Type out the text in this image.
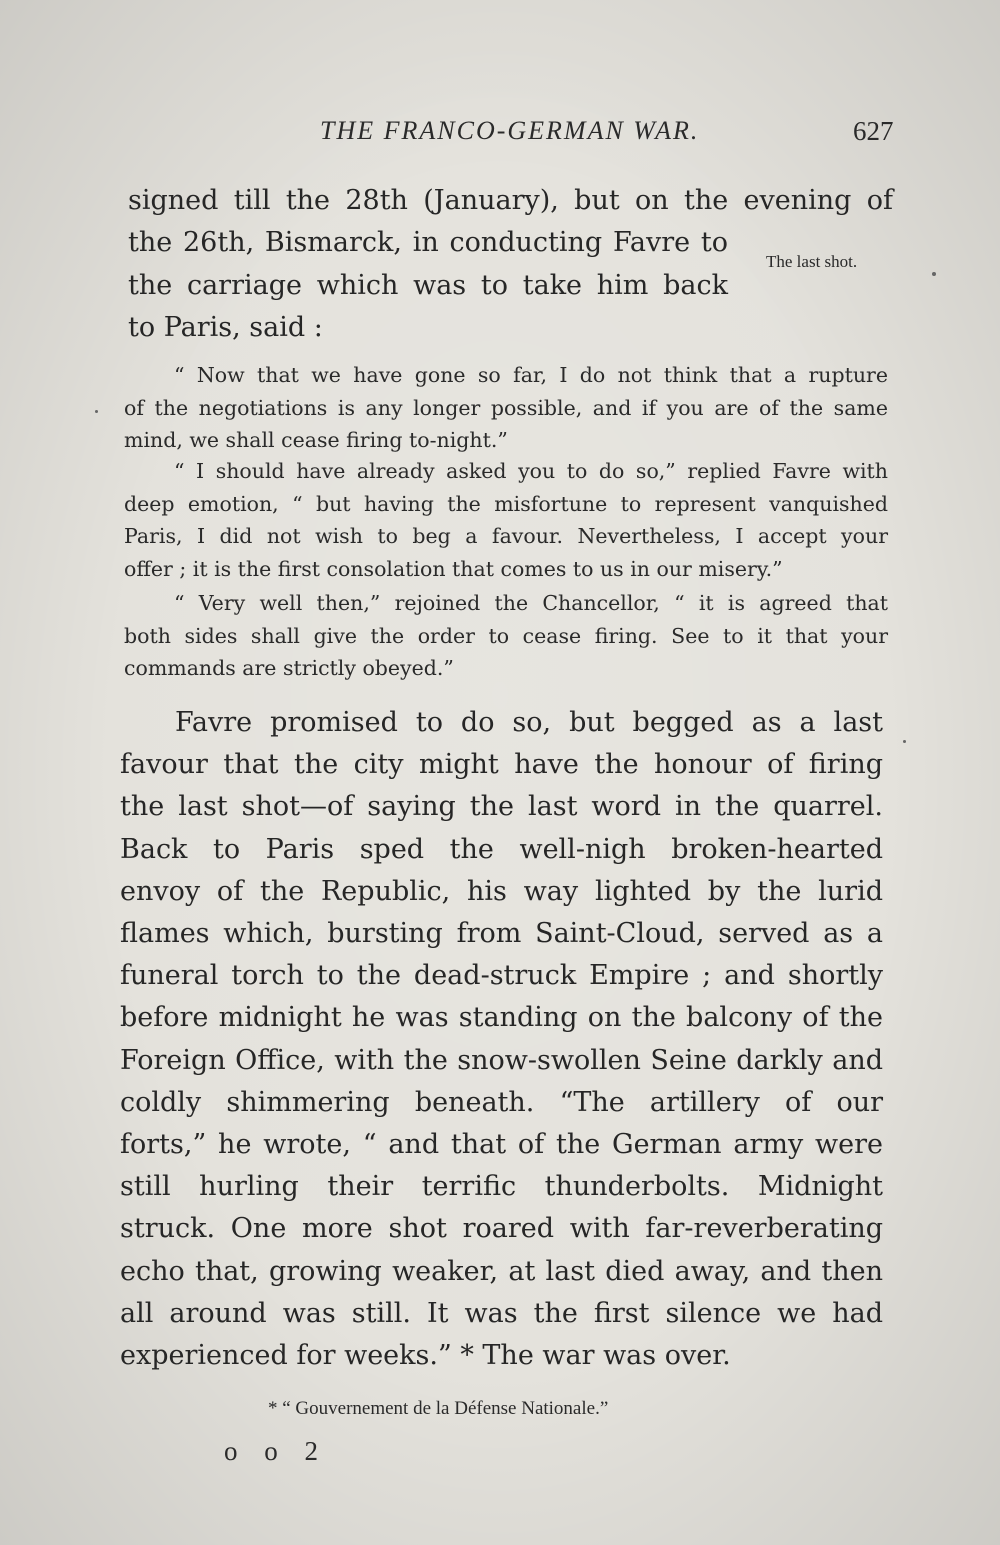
THE FRANCO-GERMAN WAR.	627

signed till the 28th (January), but on the evening of

the 26th, Bismarck, in conducting Favre to

the carriage which was to take him back

to Paris, said :

The last shot.
“ Now that we have gone so far, I do not think that a rupture
of the negotiations is any longer possible, and if you are of the same
mind, we shall cease firing to-night.”
“ I should have already asked you to do so,” replied Favre with
deep emotion, “ but having the misfortune to represent vanquished
Paris, I did not wish to beg a favour. Nevertheless, I accept your
offer ; it is the first consolation that comes to us in our misery.”
“ Very well then,” rejoined the Chancellor, “ it is agreed that
both sides shall give the order to cease firing. See to it that your
commands are strictly obeyed.”
Favre promised to do so, but begged as a last
favour that the city might have the honour of firing
the last shot—of saying the last word in the quarrel.
Back to Paris sped the well-nigh broken-hearted
envoy of the Republic, his way lighted by the lurid
flames which, bursting from Saint-Cloud, served as a
funeral torch to the dead-struck Empire ; and shortly
before midnight he was standing on the balcony of the
Foreign Office, with the snow-swollen Seine darkly and
coldly shimmering beneath. “The artillery of our
forts,” he wrote, “ and that of the German army were
still hurling their terrific thunderbolts. Midnight
struck. One more shot roared with far-reverberating
echo that, growing weaker, at last died away, and then
all around was still. It was the first silence we had
experienced for weeks.” * The war was over.
* “ Gouvernement de la Défense Nationale.”
o o 2
